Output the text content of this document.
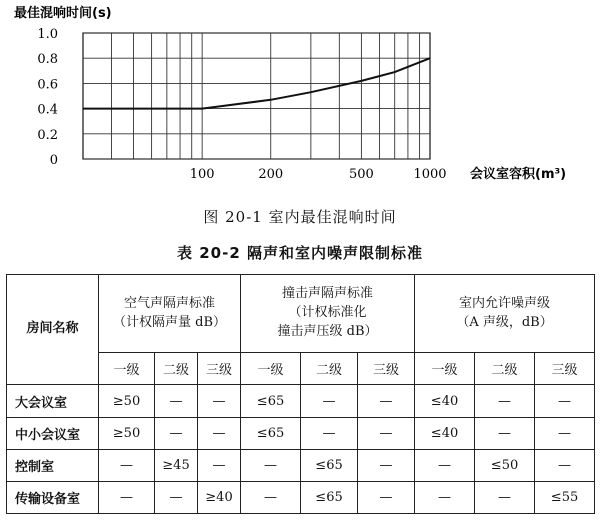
0
0.2
0.4
0.6
0.8
1.0
100	200	500	1000
最佳混响时间(s)
会议室容积(m³)
图 20-1 室内最佳混响时间
表 20-2 隔声和室内噪声限制标准
房间名称	空气声隔声标准
（计权隔声量 dB）			撞击声隔声标准
（计权标准化
撞击声压级 dB）			室内允许噪声级
（A 声级，dB）		

	一级	二级	三级	一级	二级	三级	一级	二级	三级
大会议室	≥50	—	—	≤65	—	—	≤40	—	—
中小会议室	≥50	—	—	≤65	—	—	≤40	—	—
控制室	—	≥45	—	—	≤65	—	—	≤50	—
传输设备室	—	—	≥40	—	≤65	—	—	—	≤55
